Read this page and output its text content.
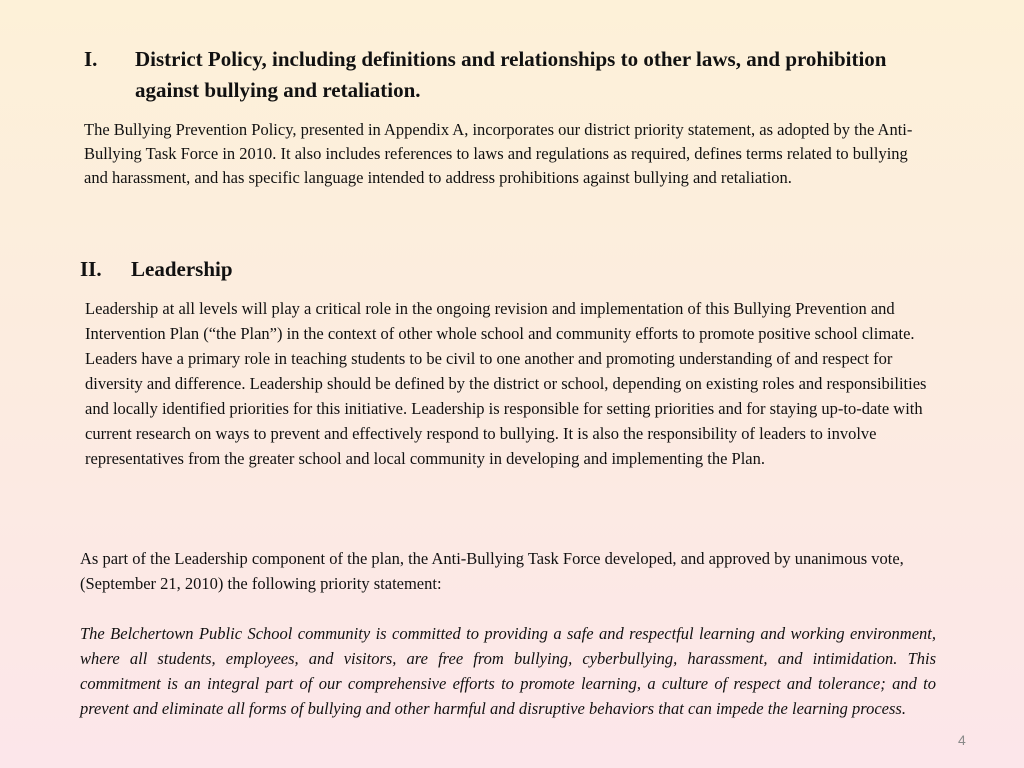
I. District Policy, including definitions and relationships to other laws, and prohibition against bullying and retaliation.
The Bullying Prevention Policy, presented in Appendix A, incorporates our district priority statement, as adopted by the Anti- Bullying Task Force in 2010. It also includes references to laws and regulations as required, defines terms related to bullying and harassment, and has specific language intended to address prohibitions against bullying and retaliation.
II. Leadership
Leadership at all levels will play a critical role in the ongoing revision and implementation of this Bullying Prevention and Intervention Plan (“the Plan”) in the context of other whole school and community efforts to promote positive school climate. Leaders have a primary role in teaching students to be civil to one another and promoting understanding of and respect for diversity and difference. Leadership should be defined by the district or school, depending on existing roles and responsibilities and locally identified priorities for this initiative. Leadership is responsible for setting priorities and for staying up-to-date with current research on ways to prevent and effectively respond to bullying. It is also the responsibility of leaders to involve representatives from the greater school and local community in developing and implementing the Plan.
As part of the Leadership component of the plan, the Anti-Bullying Task Force developed, and approved by unanimous vote, (September 21, 2010) the following priority statement:
The Belchertown Public School community is committed to providing a safe and respectful learning and working environment, where all students, employees, and visitors, are free from bullying, cyberbullying, harassment, and intimidation. This commitment is an integral part of our comprehensive efforts to promote learning, a culture of respect and tolerance; and to prevent and eliminate all forms of bullying and other harmful and disruptive behaviors that can impede the learning process.
4
